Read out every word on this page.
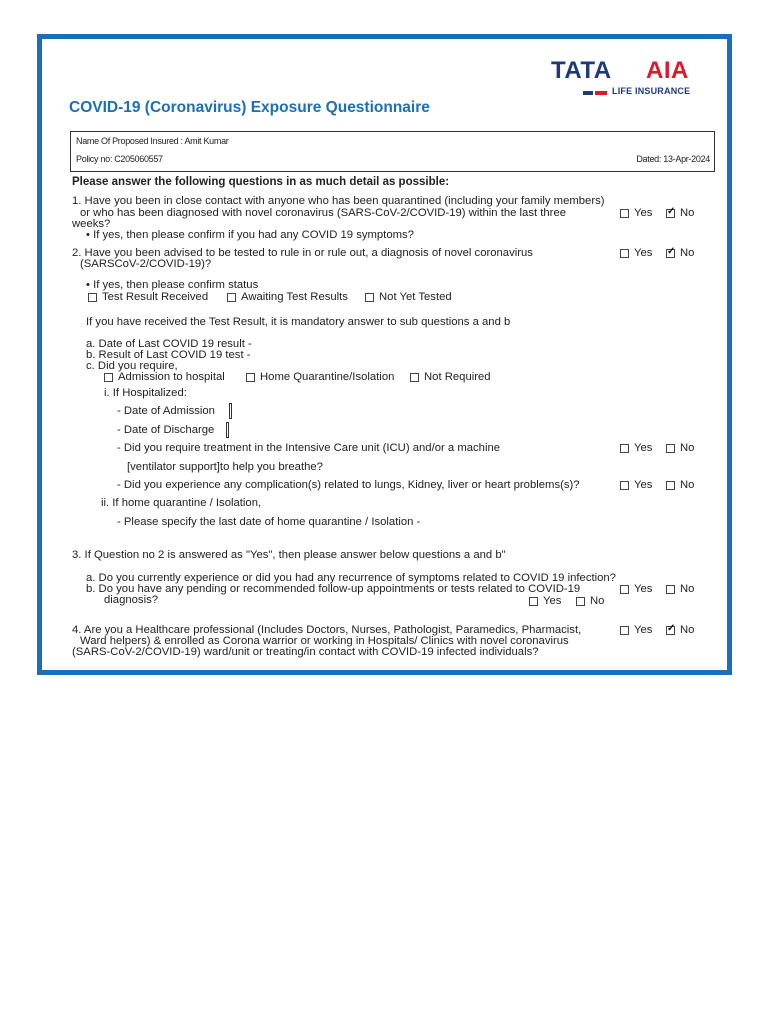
TATA AIA
LIFE INSURANCE
COVID-19 (Coronavirus) Exposure Questionnaire
Name Of Proposed Insured : Amit Kumar
Policy no: C205060557	Dated: 13-Apr-2024
Please answer the following questions in as much detail as possible:
1. Have you been in close contact with anyone who has been quarantined (including your family members)
or who has been diagnosed with novel coronavirus (SARS-CoV-2/COVID-19) within the last three
weeks?
• If yes, then please confirm if you had any COVID 19 symptoms?
Yes ✓ No
2. Have you been advised to be tested to rule in or rule out, a diagnosis of novel coronavirus
(SARSCoV-2/COVID-19)?
Yes ✓ No
• If yes, then please confirm status
Test Result Received	Awaiting Test Results	Not Yet Tested
If you have received the Test Result, it is mandatory answer to sub questions a and b
a. Date of Last COVID 19 result -
b. Result of Last COVID 19 test -
c. Did you require,
Admission to hospital	Home Quarantine/Isolation	Not Required
i. If Hospitalized:
- Date of Admission
- Date of Discharge
- Did you require treatment in the Intensive Care unit (ICU) and/or a machine
[ventilator support]to help you breathe?
Yes No
- Did you experience any complication(s) related to lungs, Kidney, liver or heart problems(s)?	Yes No
ii. If home quarantine / Isolation,
- Please specify the last date of home quarantine / Isolation -
3. If Question no 2 is answered as "Yes", then please answer below questions a and b"
a. Do you currently experience or did you had any recurrence of symptoms related to COVID 19 infection?
b. Do you have any pending or recommended follow-up appointments or tests related to COVID-19
diagnosis?
Yes No
Yes	No
4. Are you a Healthcare professional (Includes Doctors, Nurses, Pathologist, Paramedics, Pharmacist,
Ward helpers) & enrolled as Corona warrior or working in Hospitals/ Clinics with novel coronavirus
(SARS-CoV-2/COVID-19) ward/unit or treating/in contact with COVID-19 infected individuals?
Yes ✓ No
